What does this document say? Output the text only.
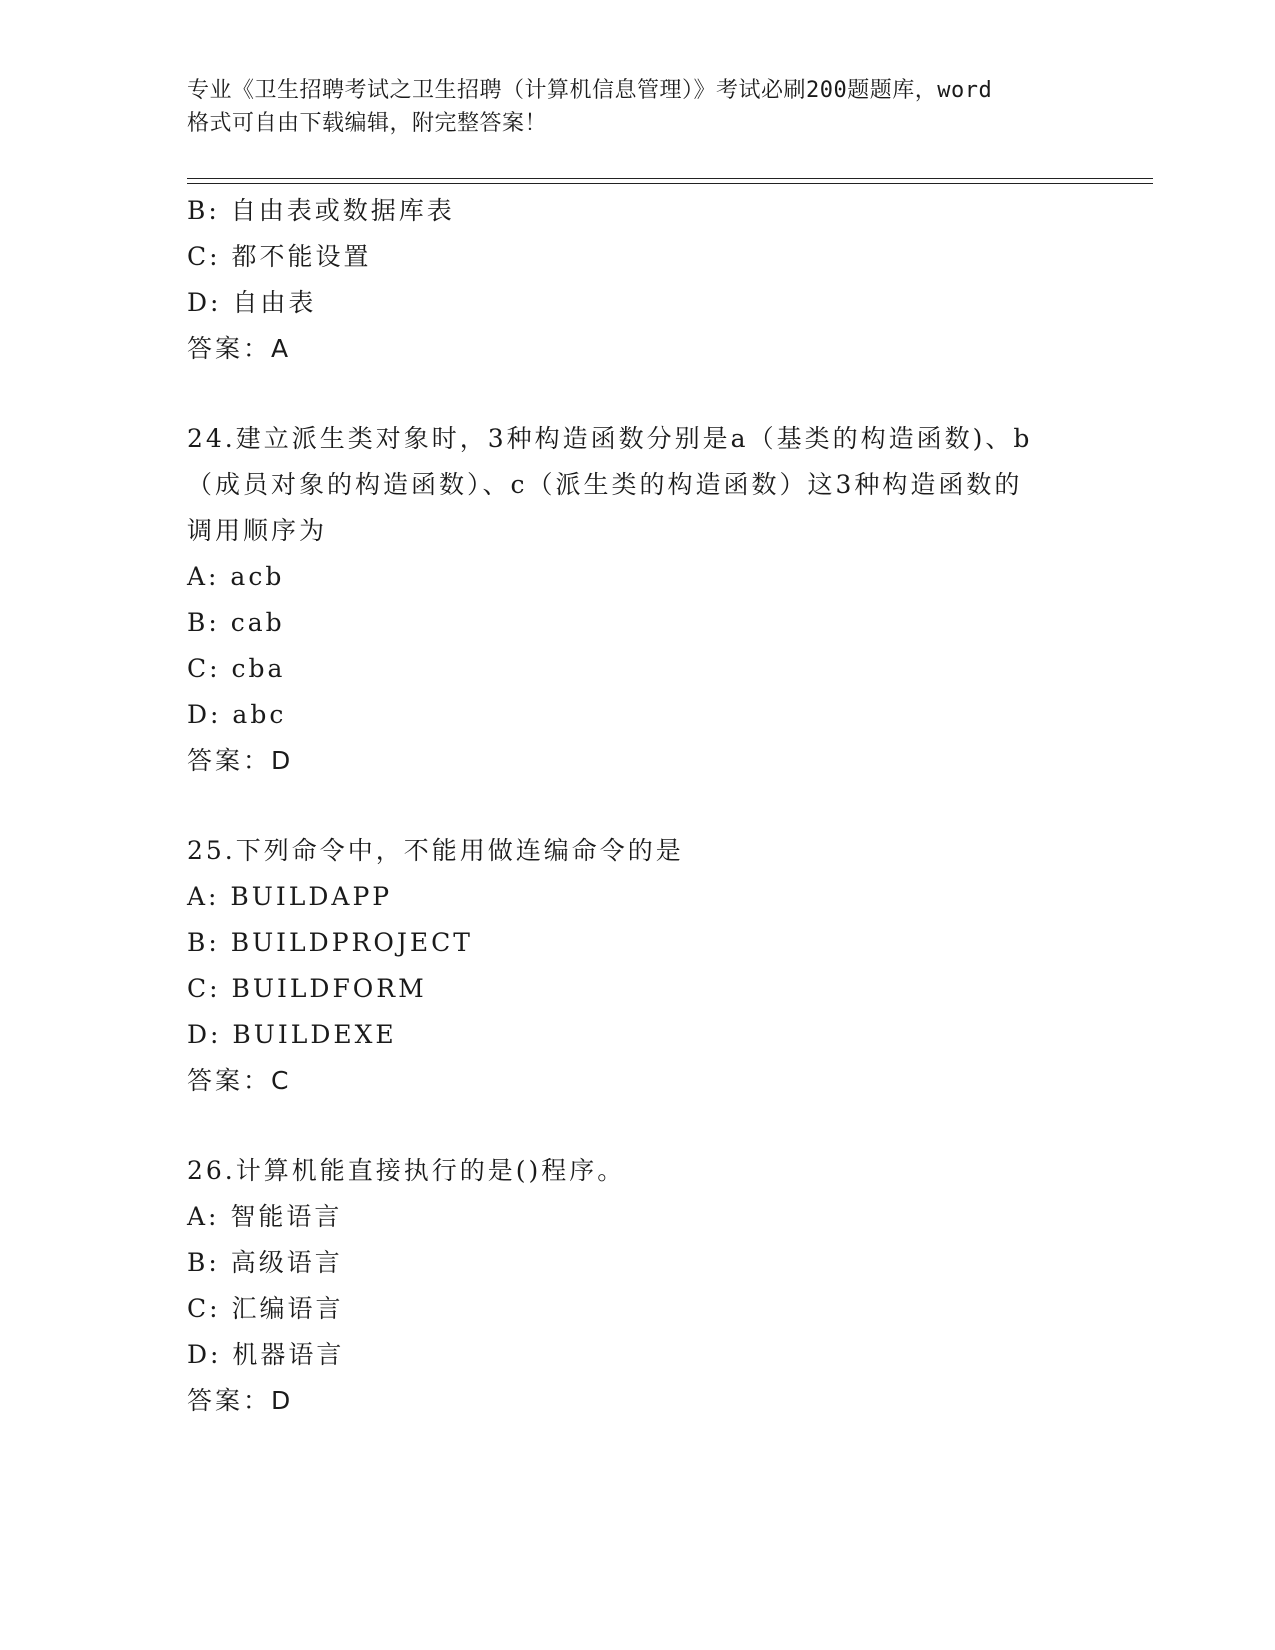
专业《卫生招聘考试之卫生招聘（计算机信息管理）》考试必刷200题题库，word
格式可自由下载编辑，附完整答案！
B: 自由表或数据库表
C: 都不能设置
D: 自由表
答案：A
24.建立派生类对象时，3种构造函数分别是a（基类的构造函数)、b
（成员对象的构造函数）、c（派生类的构造函数）这3种构造函数的
调用顺序为
A: acb
B: cab
C: cba
D: abc
答案：D
25.下列命令中，不能用做连编命令的是
A: BUILDAPP
B: BUILDPROJECT
C: BUILDFORM
D: BUILDEXE
答案：C
26.计算机能直接执行的是()程序。
A: 智能语言
B: 高级语言
C: 汇编语言
D: 机器语言
答案：D
